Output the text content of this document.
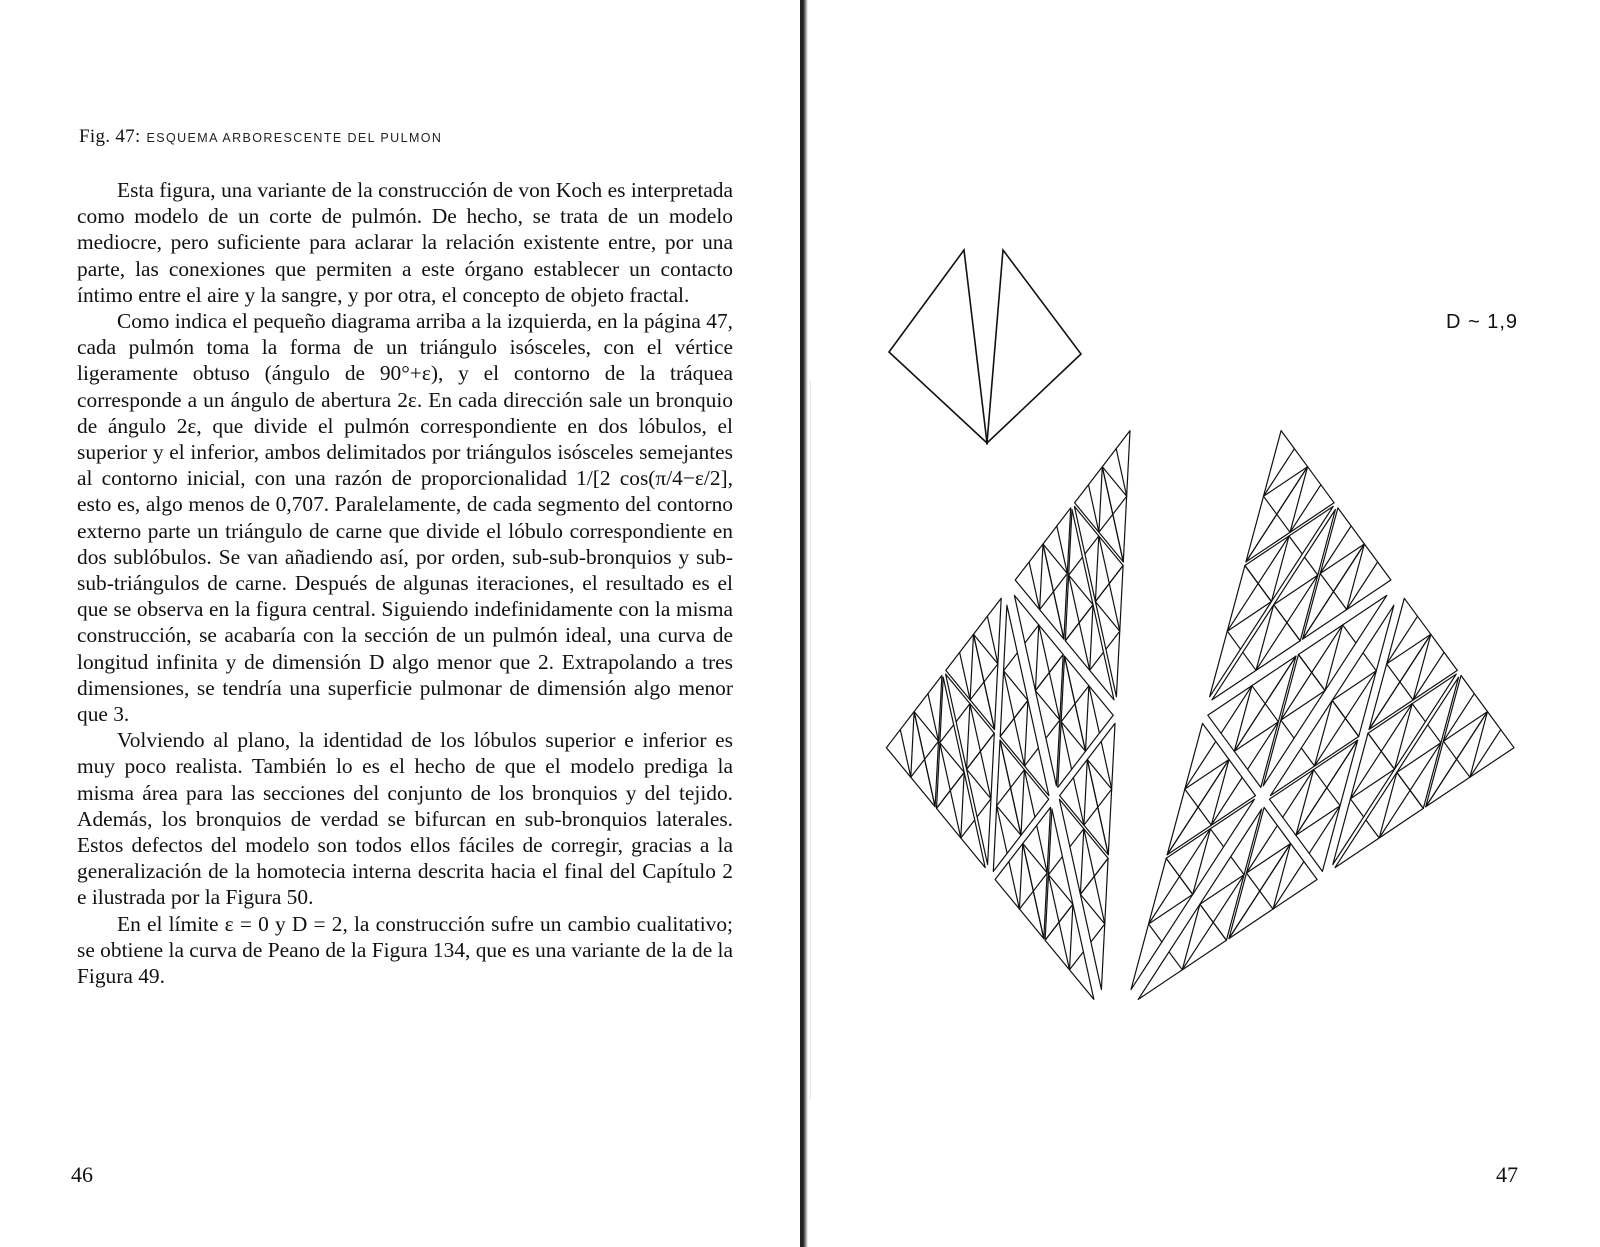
Fig. 47: ESQUEMA ARBORESCENTE DEL PULMON

Esta figura, una variante de la construcción de von Koch es interpretada como modelo de un corte de pulmón. De hecho, se trata de un modelo mediocre, pero suficiente para aclarar la relación existente entre, por una parte, las conexiones que permiten a este órgano establecer un contacto íntimo entre el aire y la sangre, y por otra, el concepto de objeto fractal.

Como indica el pequeño diagrama arriba a la izquierda, en la página 47, cada pulmón toma la forma de un triángulo isósceles, con el vértice ligeramente obtuso (ángulo de 90°+ε), y el contorno de la tráquea corresponde a un ángulo de abertura 2ε. En cada dirección sale un bronquio de ángulo 2ε, que divide el pulmón correspondiente en dos lóbulos, el superior y el inferior, ambos delimitados por triángulos isósceles semejantes al contorno inicial, con una razón de proporcionalidad 1/[2 cos(π/4−ε/2], esto es, algo menos de 0,707. Paralelamente, de cada segmento del contorno externo parte un triángulo de carne que divide el lóbulo correspondiente en dos sublóbulos. Se van añadiendo así, por orden, sub-sub-bronquios y sub-sub-triángulos de carne. Después de algunas iteraciones, el resultado es el que se observa en la figura central. Siguiendo indefinidamente con la misma construcción, se acabaría con la sección de un pulmón ideal, una curva de longitud infinita y de dimensión D algo menor que 2. Extrapolando a tres dimensiones, se tendría una superficie pulmonar de dimensión algo menor que 3.

Volviendo al plano, la identidad de los lóbulos superior e inferior es muy poco realista. También lo es el hecho de que el modelo prediga la misma área para las secciones del conjunto de los bronquios y del tejido. Además, los bronquios de verdad se bifurcan en sub-bronquios laterales. Estos defectos del modelo son todos ellos fáciles de corregir, gracias a la generalización de la homotecia interna descrita hacia el final del Capítulo 2 e ilustrada por la Figura 50.

En el límite ε = 0 y D = 2, la construcción sufre un cambio cualitativo; se obtiene la curva de Peano de la Figura 134, que es una variante de la de la Figura 49.

46
D ~ 1,9
47
